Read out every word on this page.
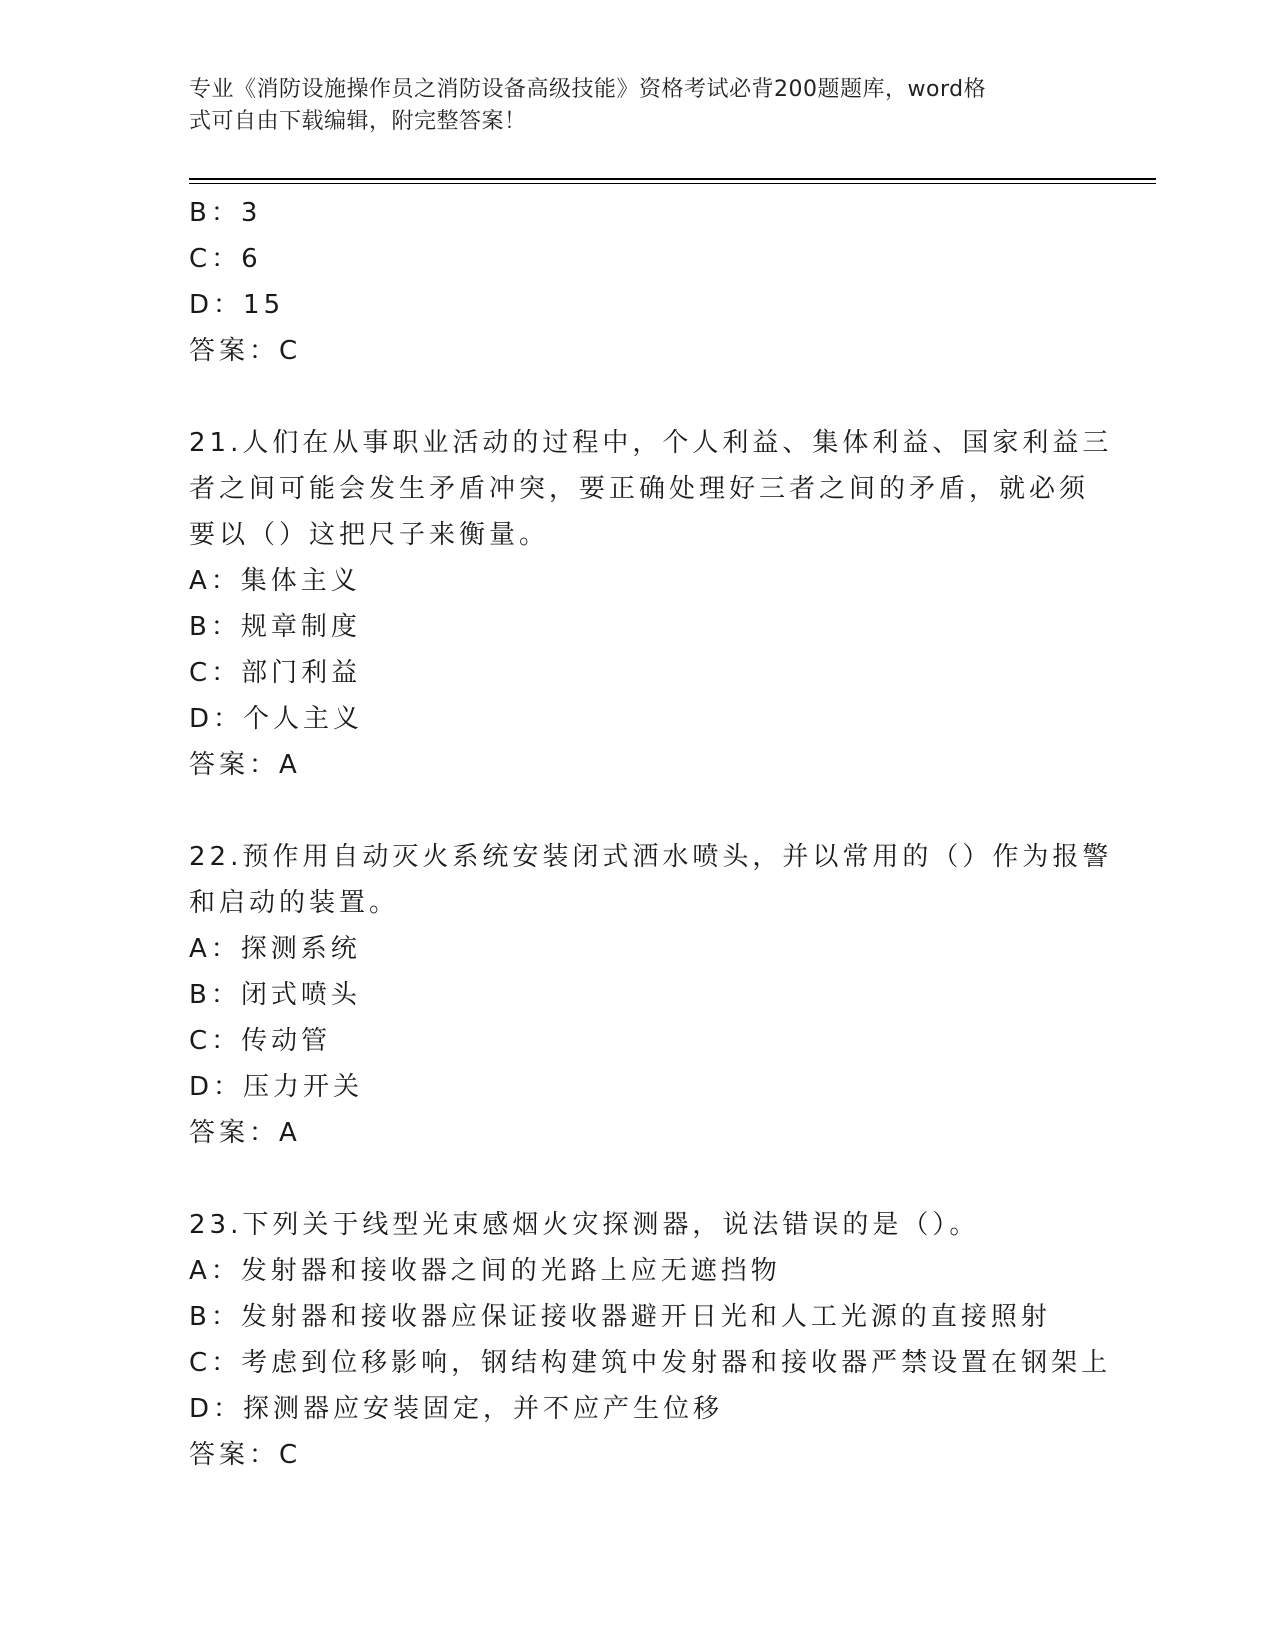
专业《消防设施操作员之消防设备高级技能》资格考试必背200题题库，word格
式可自由下载编辑，附完整答案！
B：3
C：6
D：15
答案：C
21.人们在从事职业活动的过程中，个人利益、集体利益、国家利益三
者之间可能会发生矛盾冲突，要正确处理好三者之间的矛盾，就必须
要以（）这把尺子来衡量。
A：集体主义
B：规章制度
C：部门利益
D：个人主义
答案：A
22.预作用自动灭火系统安装闭式洒水喷头，并以常用的（）作为报警
和启动的装置。
A：探测系统
B：闭式喷头
C：传动管
D：压力开关
答案：A
23.下列关于线型光束感烟火灾探测器，说法错误的是（）。
A：发射器和接收器之间的光路上应无遮挡物
B：发射器和接收器应保证接收器避开日光和人工光源的直接照射
C：考虑到位移影响，钢结构建筑中发射器和接收器严禁设置在钢架上
D：探测器应安装固定，并不应产生位移
答案：C
